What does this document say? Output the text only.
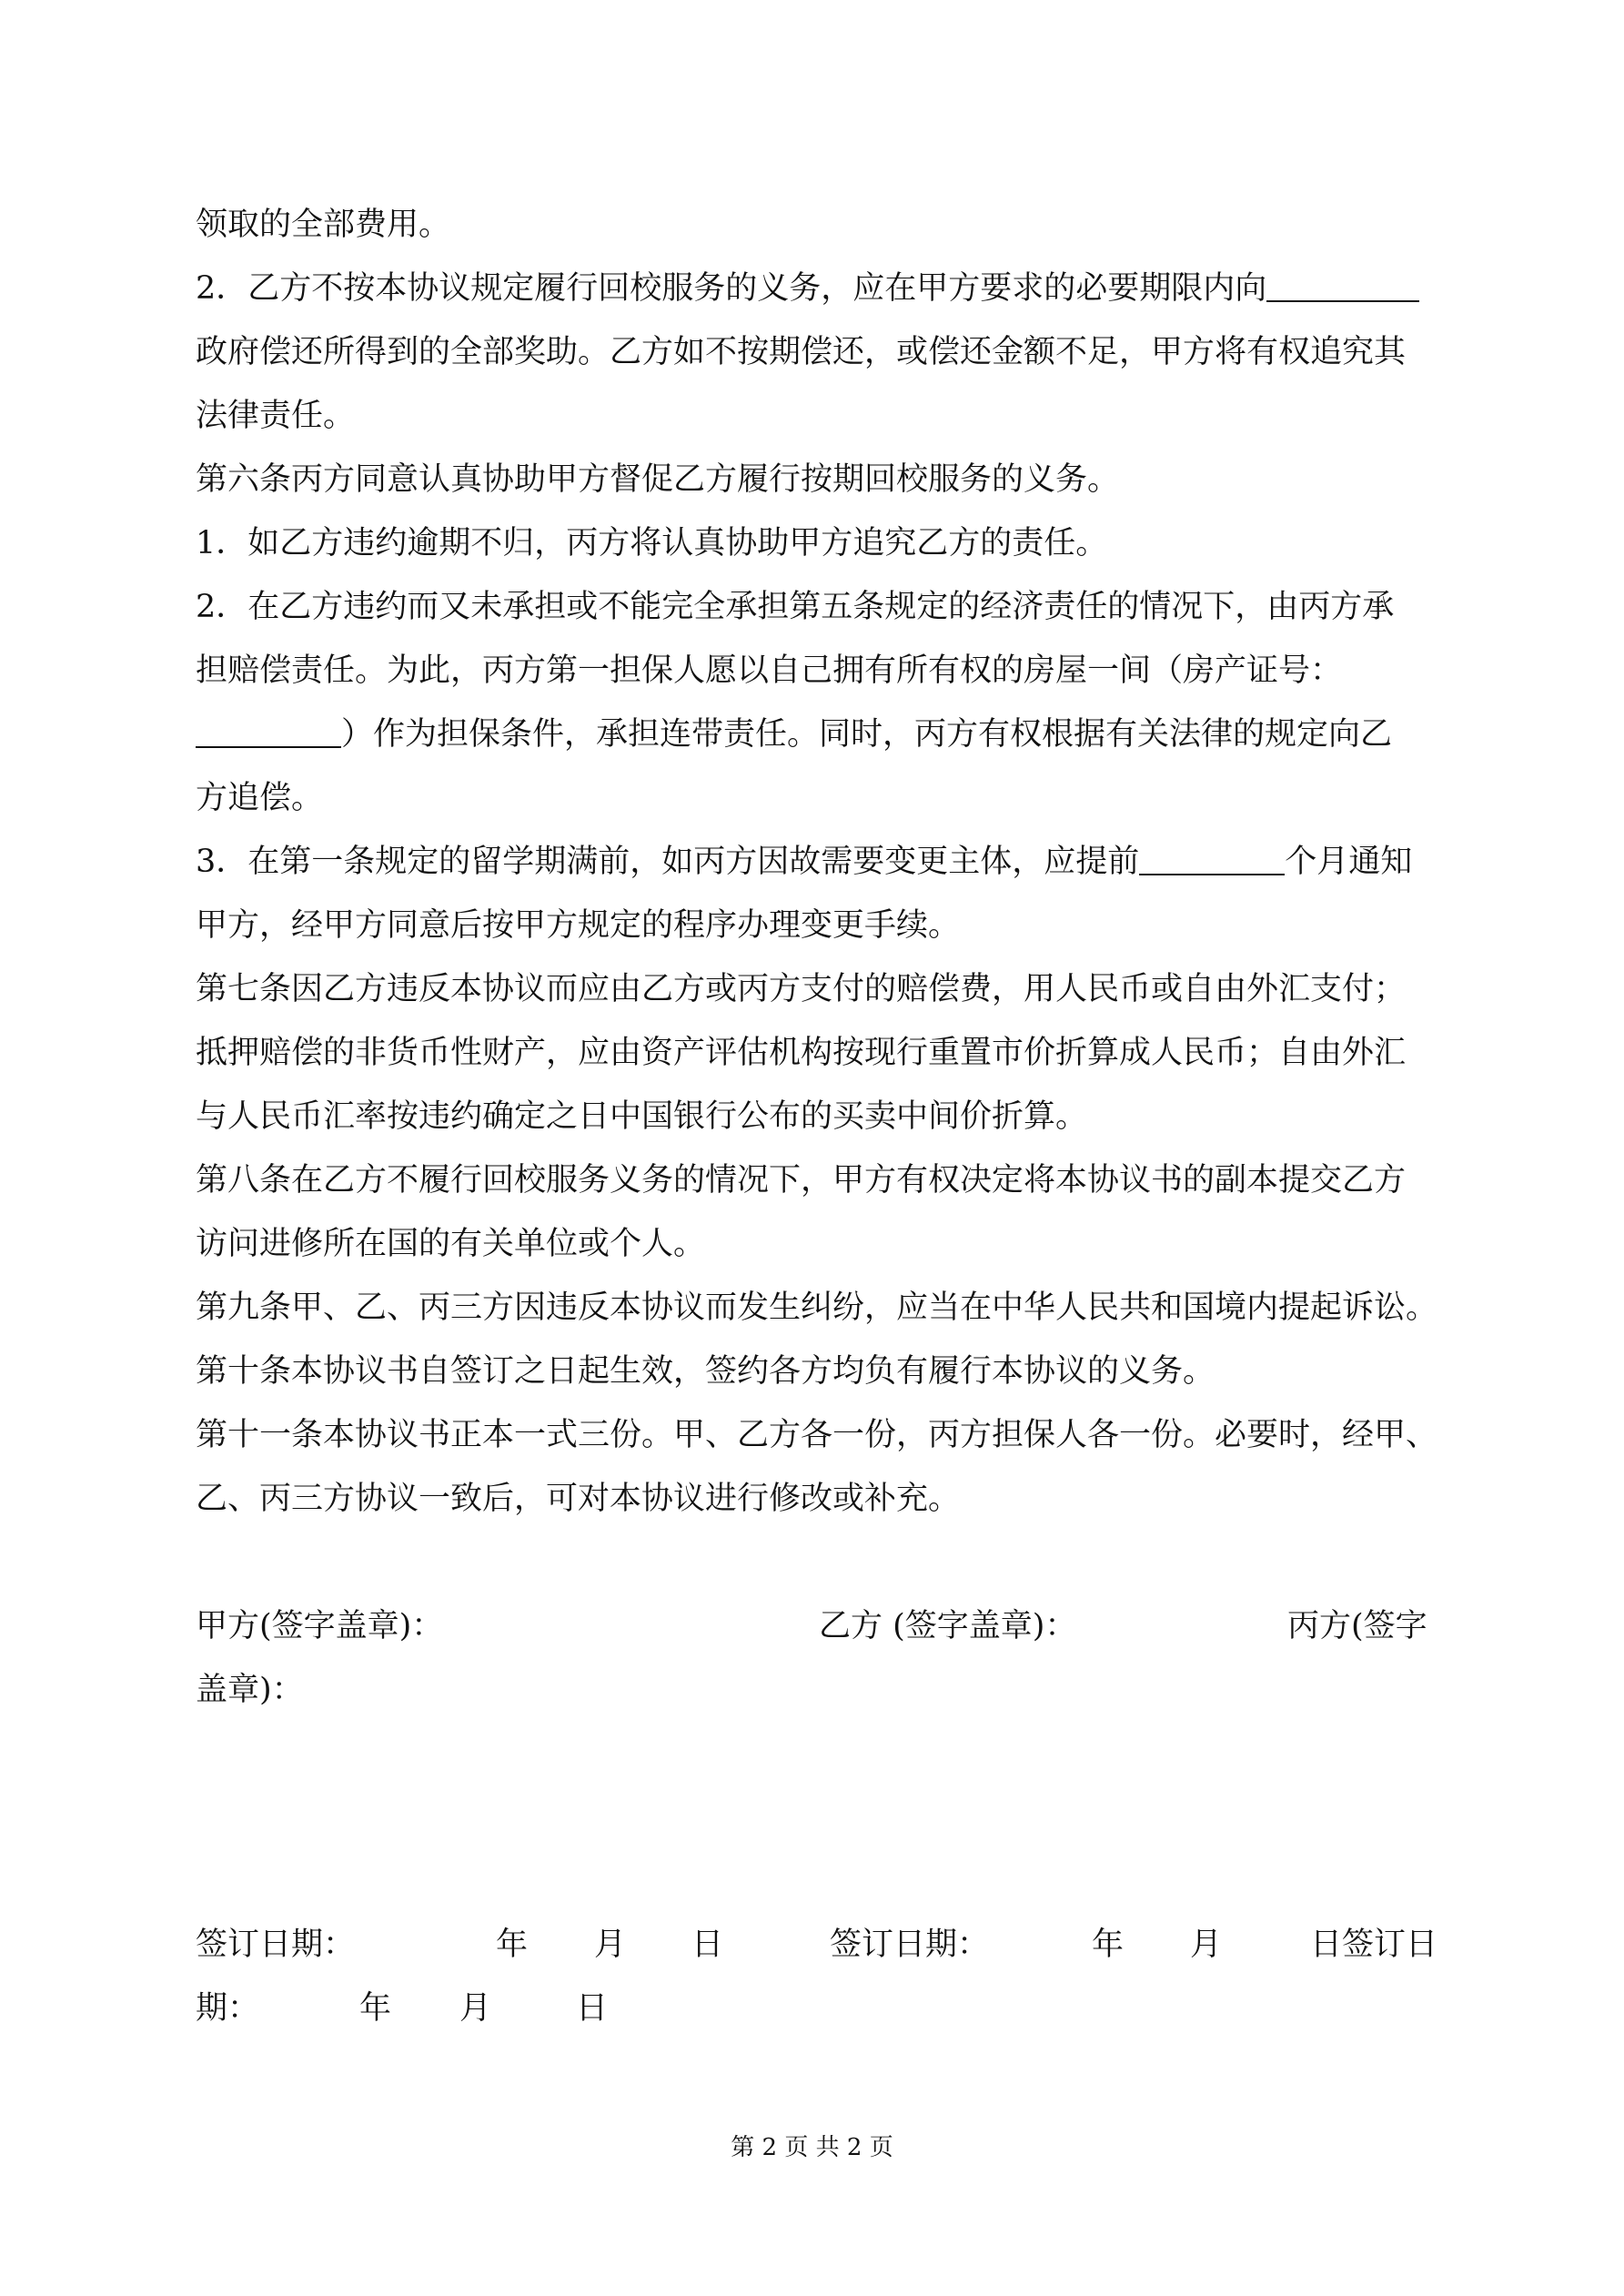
领取的全部费用。
2．乙方不按本协议规定履行回校服务的义务，应在甲方要求的必要期限内向
政府偿还所得到的全部奖助。乙方如不按期偿还，或偿还金额不足，甲方将有权追究其
法律责任。
第六条丙方同意认真协助甲方督促乙方履行按期回校服务的义务。
1．如乙方违约逾期不归，丙方将认真协助甲方追究乙方的责任。
2．在乙方违约而又未承担或不能完全承担第五条规定的经济责任的情况下，由丙方承
担赔偿责任。为此，丙方第一担保人愿以自己拥有所有权的房屋一间（房产证号：
）作为担保条件，承担连带责任。同时，丙方有权根据有关法律的规定向乙
方追偿。
3．在第一条规定的留学期满前，如丙方因故需要变更主体，应提前	个月通知
甲方，经甲方同意后按甲方规定的程序办理变更手续。
第七条因乙方违反本协议而应由乙方或丙方支付的赔偿费，用人民币或自由外汇支付；
抵押赔偿的非货币性财产，应由资产评估机构按现行重置市价折算成人民币；自由外汇
与人民币汇率按违约确定之日中国银行公布的买卖中间价折算。
第八条在乙方不履行回校服务义务的情况下，甲方有权决定将本协议书的副本提交乙方
访问进修所在国的有关单位或个人。
第九条甲、乙、丙三方因违反本协议而发生纠纷，应当在中华人民共和国境内提起诉讼。
第十条本协议书自签订之日起生效，签约各方均负有履行本协议的义务。
第十一条本协议书正本一式三份。甲、乙方各一份，丙方担保人各一份。必要时，经甲、
乙、丙三方协议一致后，可对本协议进行修改或补充。
甲方(签字盖章)：	乙方 (签字盖章)：	丙方(签字
盖章)：
签订日期：	年 月 日	签订日期：	年 月	日签订日
期：	年 月	日
第 2 页 共 2 页
